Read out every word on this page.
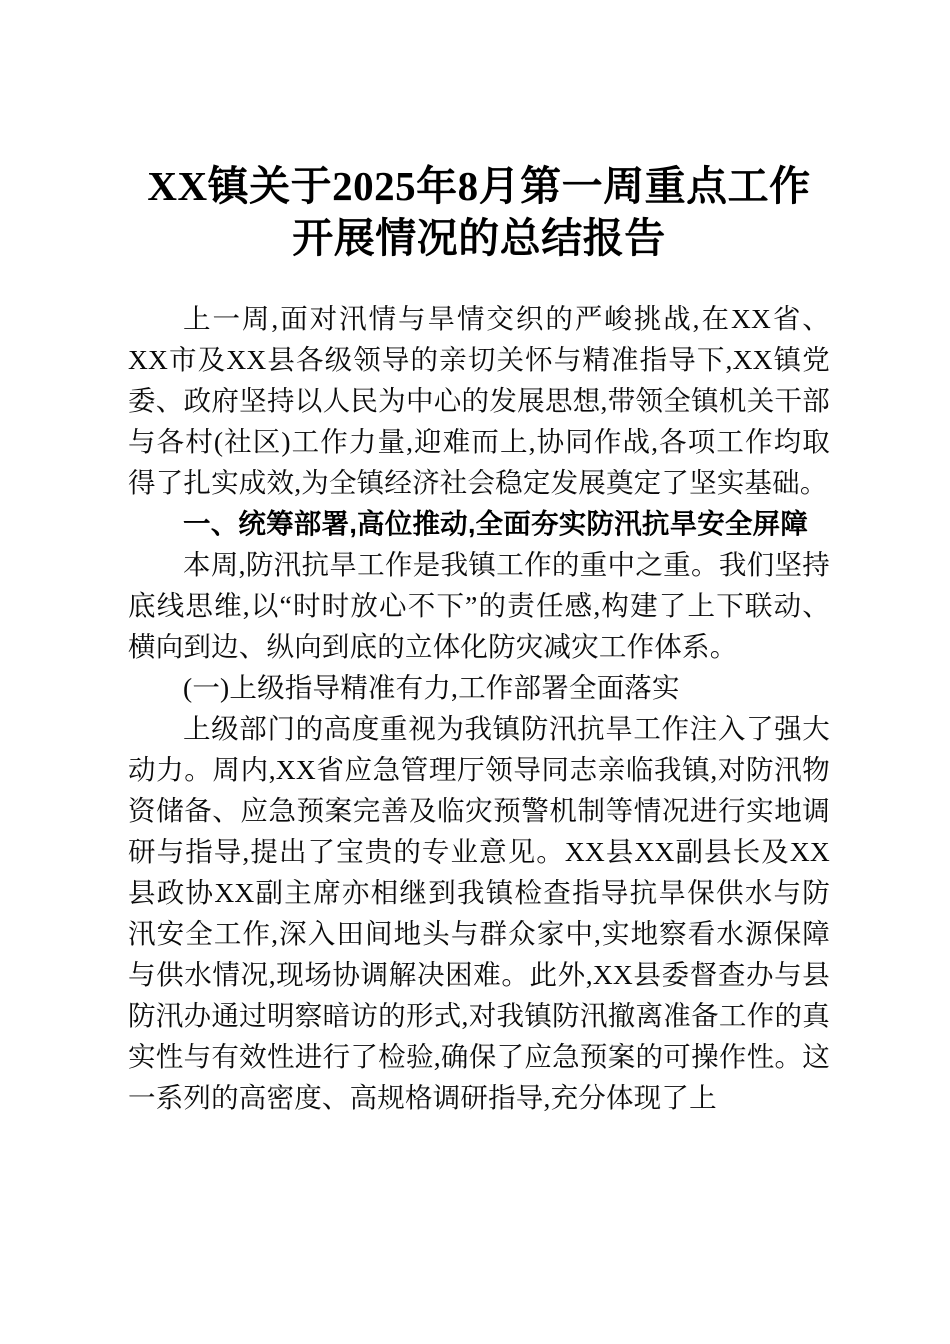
XX镇关于2025年8月第一周重点工作
开展情况的总结报告

上一周,面对汛情与旱情交织的严峻挑战,在XX省、XX市及XX县各级领导的亲切关怀与精准指导下,XX镇党委、政府坚持以人民为中心的发展思想,带领全镇机关干部与各村(社区)工作力量,迎难而上,协同作战,各项工作均取得了扎实成效,为全镇经济社会稳定发展奠定了坚实基础。

一、统筹部署,高位推动,全面夯实防汛抗旱安全屏障

本周,防汛抗旱工作是我镇工作的重中之重。我们坚持底线思维,以“时时放心不下”的责任感,构建了上下联动、横向到边、纵向到底的立体化防灾减灾工作体系。

(一)上级指导精准有力,工作部署全面落实

上级部门的高度重视为我镇防汛抗旱工作注入了强大动力。周内,XX省应急管理厅领导同志亲临我镇,对防汛物资储备、应急预案完善及临灾预警机制等情况进行实地调研与指导,提出了宝贵的专业意见。XX县XX副县长及XX县政协XX副主席亦相继到我镇检查指导抗旱保供水与防汛安全工作,深入田间地头与群众家中,实地察看水源保障与供水情况,现场协调解决困难。此外,XX县委督查办与县防汛办通过明察暗访的形式,对我镇防汛撤离准备工作的真实性与有效性进行了检验,确保了应急预案的可操作性。这一系列的高密度、高规格调研指导,充分体现了上
